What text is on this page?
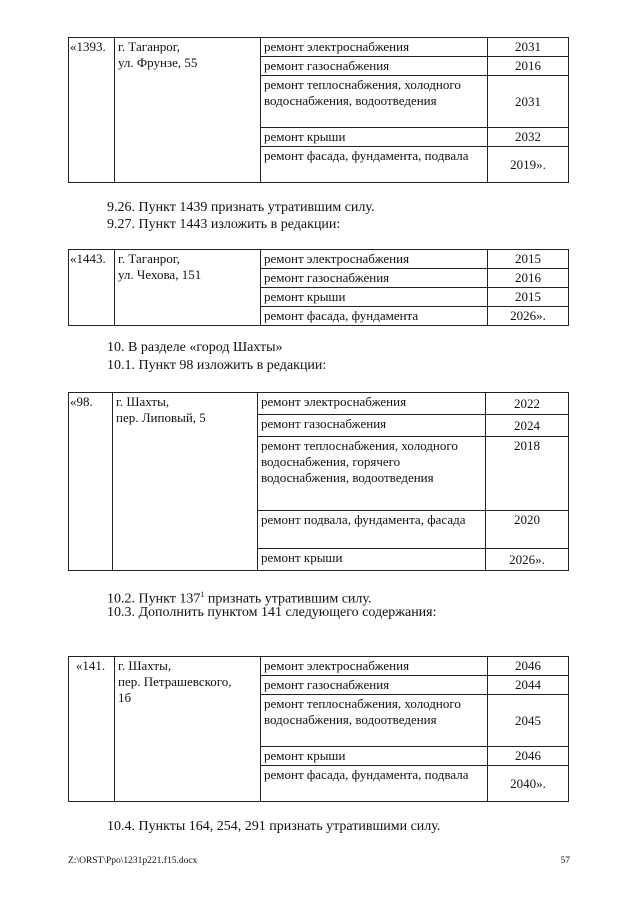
«1393.	г. Таганрог,
ул. Фрунзе, 55	ремонт электроснабжения	2031
		ремонт газоснабжения	2016
		ремонт теплоснабжения, холодного водоснабжения, водоотведения	2031
		ремонт крыши	2032
		ремонт фасада, фундамента, подвала	2019».
9.26. Пункт 1439 признать утратившим силу.
9.27. Пункт 1443 изложить в редакции:
«1443.	г. Таганрог,
ул. Чехова, 151	ремонт электроснабжения	2015
		ремонт газоснабжения	2016
		ремонт крыши	2015
		ремонт фасада, фундамента	2026».
10. В разделе «город Шахты»
10.1. Пункт 98 изложить в редакции:
«98.	г. Шахты,
пер. Липовый, 5	ремонт электроснабжения	2022
		ремонт газоснабжения	2024
		ремонт теплоснабжения, холодного водоснабжения, горячего водоснабжения, водоотведения	2018
		ремонт подвала, фундамента, фасада	2020
		ремонт крыши	2026».
10.2. Пункт $137^1$ признать утратившим силу.
10.3. Дополнить пунктом 141 следующего содержания:
«141.	г. Шахты,
пер. Петрашевского,
1б	ремонт электроснабжения	2046
		ремонт газоснабжения	2044
		ремонт теплоснабжения, холодного водоснабжения, водоотведения	2045
		ремонт крыши	2046
		ремонт фасада, фундамента, подвала	2040».
10.4. Пункты 164, 254, 291 признать утратившими силу.
Z:\ORST\Ppo\1231p221.f15.docx	57
